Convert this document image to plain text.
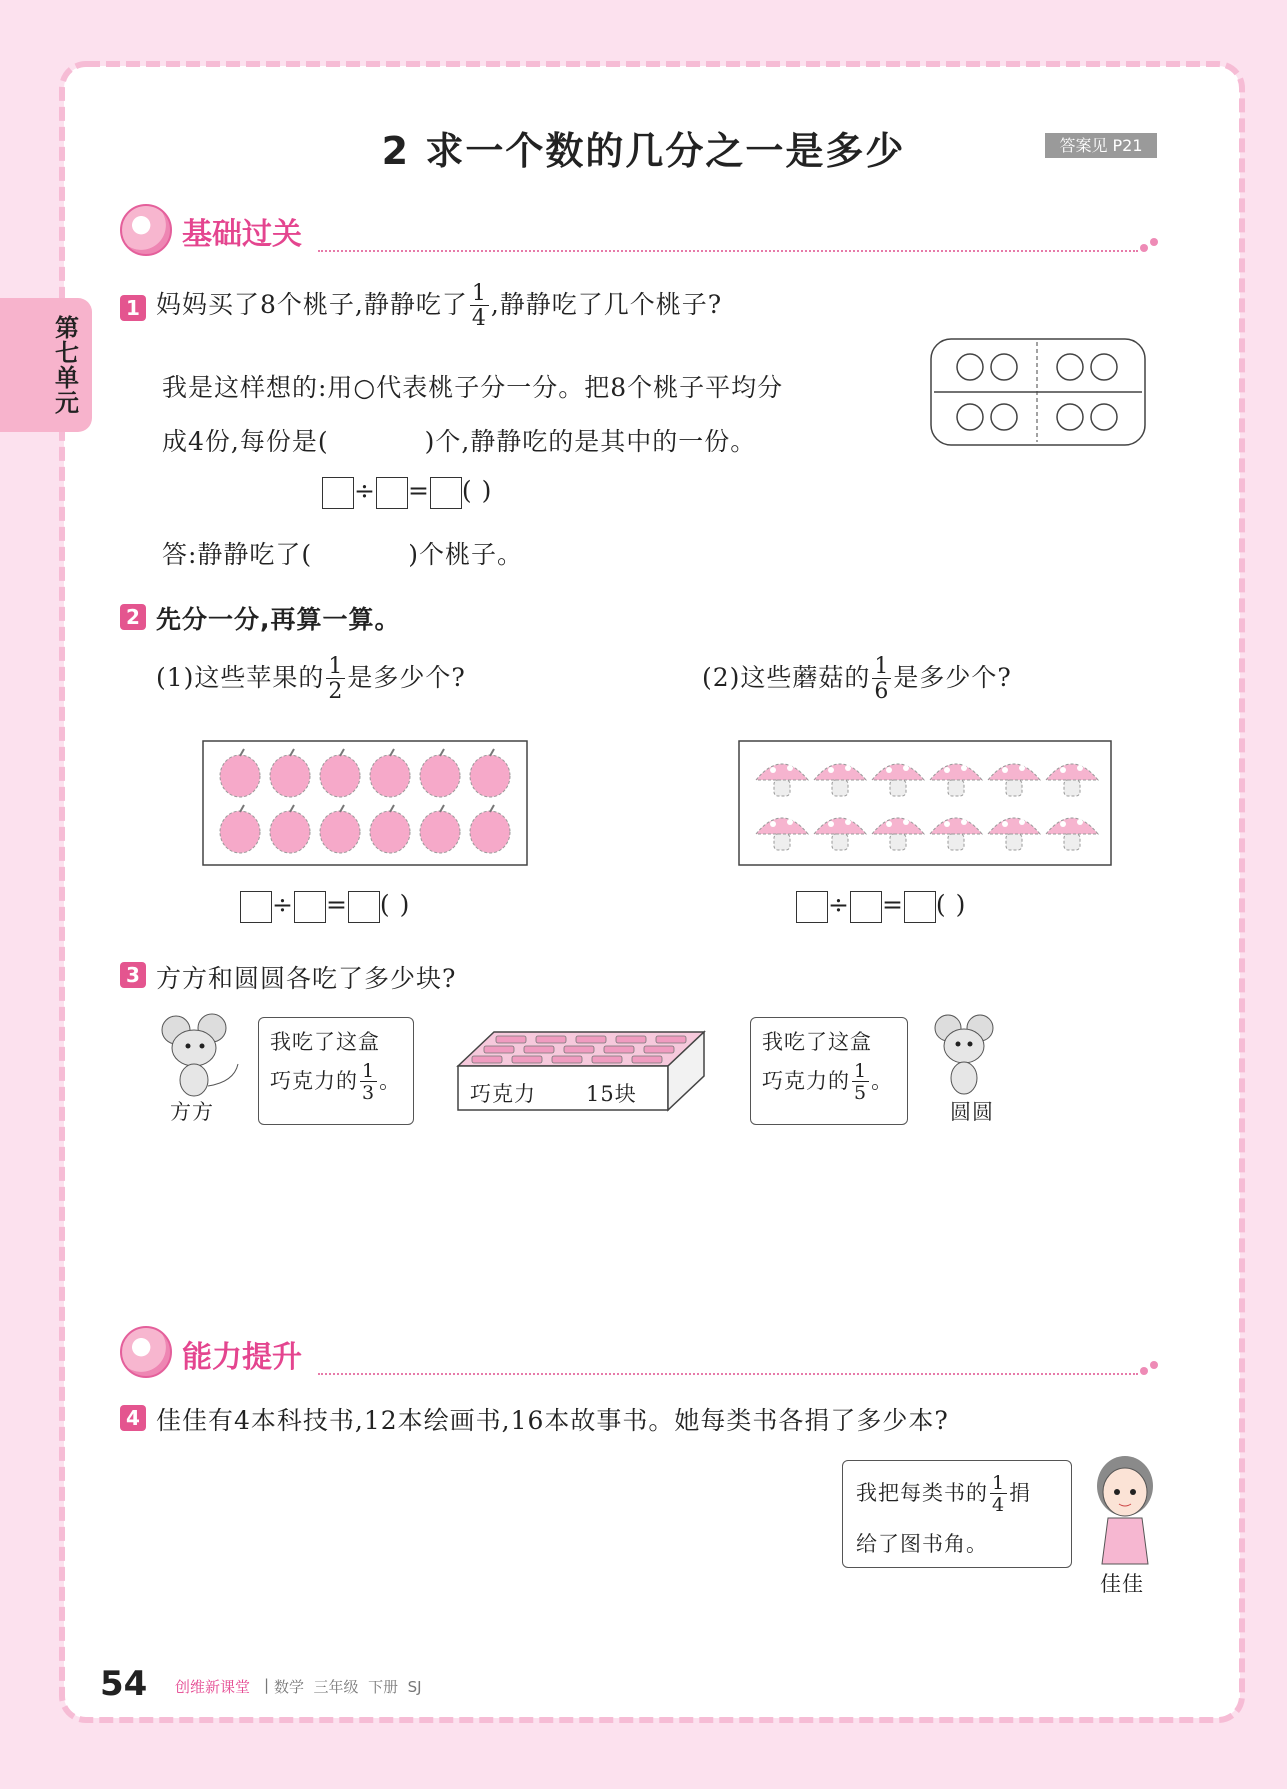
第七单元
2 求一个数的几分之一是多少	答案见 P21
基础过关
1 妈妈买了8个桃子,静静吃了 $\frac{1}{4}$ ,静静吃了几个桃子?
我是这样想的:用○代表桃子分一分。把8个桃子平均分
成4份,每份是(	)个,静静吃的是其中的一份。
÷ = ( )
答:静静吃了(	)个桃子。
2 先分一分,再算一算。
(1)这些苹果的 $\frac{1}{2}$ 是多少个?	(2)这些蘑菇的 $\frac{1}{6}$ 是多少个?
÷ = ( )	÷ = ( )
3 方方和圆圆各吃了多少块?
方方
我吃了这盒
巧克力的 $\frac{1}{3}$ 。
巧克力 15块
我吃了这盒
巧克力的 $\frac{1}{5}$ 。
圆圆
能力提升
4 佳佳有4本科技书,12本绘画书,16本故事书。她每类书各捐了多少本?
我把每类书的 $\frac{1}{4}$ 捐
给了图书角。
佳佳
54 创维新课堂 | 数学  三年级  下册  SJ
